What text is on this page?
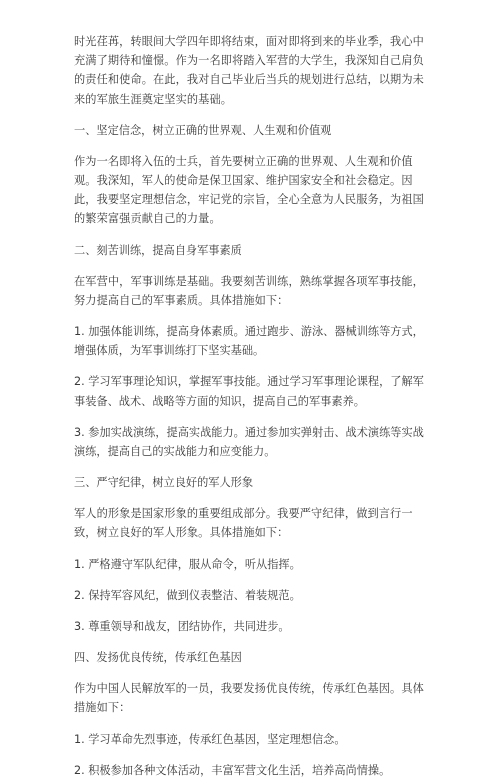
时光荏苒，转眼间大学四年即将结束，面对即将到来的毕业季，我心中充满了期待和憧憬。作为一名即将踏入军营的大学生，我深知自己肩负的责任和使命。在此，我对自己毕业后当兵的规划进行总结，以期为未来的军旅生涯奠定坚实的基础。

一、坚定信念，树立正确的世界观、人生观和价值观

作为一名即将入伍的士兵，首先要树立正确的世界观、人生观和价值观。我深知，军人的使命是保卫国家、维护国家安全和社会稳定。因此，我要坚定理想信念，牢记党的宗旨，全心全意为人民服务，为祖国的繁荣富强贡献自己的力量。

二、刻苦训练，提高自身军事素质

在军营中，军事训练是基础。我要刻苦训练，熟练掌握各项军事技能，努力提高自己的军事素质。具体措施如下：

1. 加强体能训练，提高身体素质。通过跑步、游泳、器械训练等方式，增强体质，为军事训练打下坚实基础。

2. 学习军事理论知识，掌握军事技能。通过学习军事理论课程，了解军事装备、战术、战略等方面的知识，提高自己的军事素养。

3. 参加实战演练，提高实战能力。通过参加实弹射击、战术演练等实战演练，提高自己的实战能力和应变能力。

三、严守纪律，树立良好的军人形象

军人的形象是国家形象的重要组成部分。我要严守纪律，做到言行一致，树立良好的军人形象。具体措施如下：

1. 严格遵守军队纪律，服从命令，听从指挥。

2. 保持军容风纪，做到仪表整洁、着装规范。

3. 尊重领导和战友，团结协作，共同进步。

四、发扬优良传统，传承红色基因

作为中国人民解放军的一员，我要发扬优良传统，传承红色基因。具体措施如下：

1. 学习革命先烈事迹，传承红色基因，坚定理想信念。

2. 积极参加各种文体活动，丰富军营文化生活，培养高尚情操。
